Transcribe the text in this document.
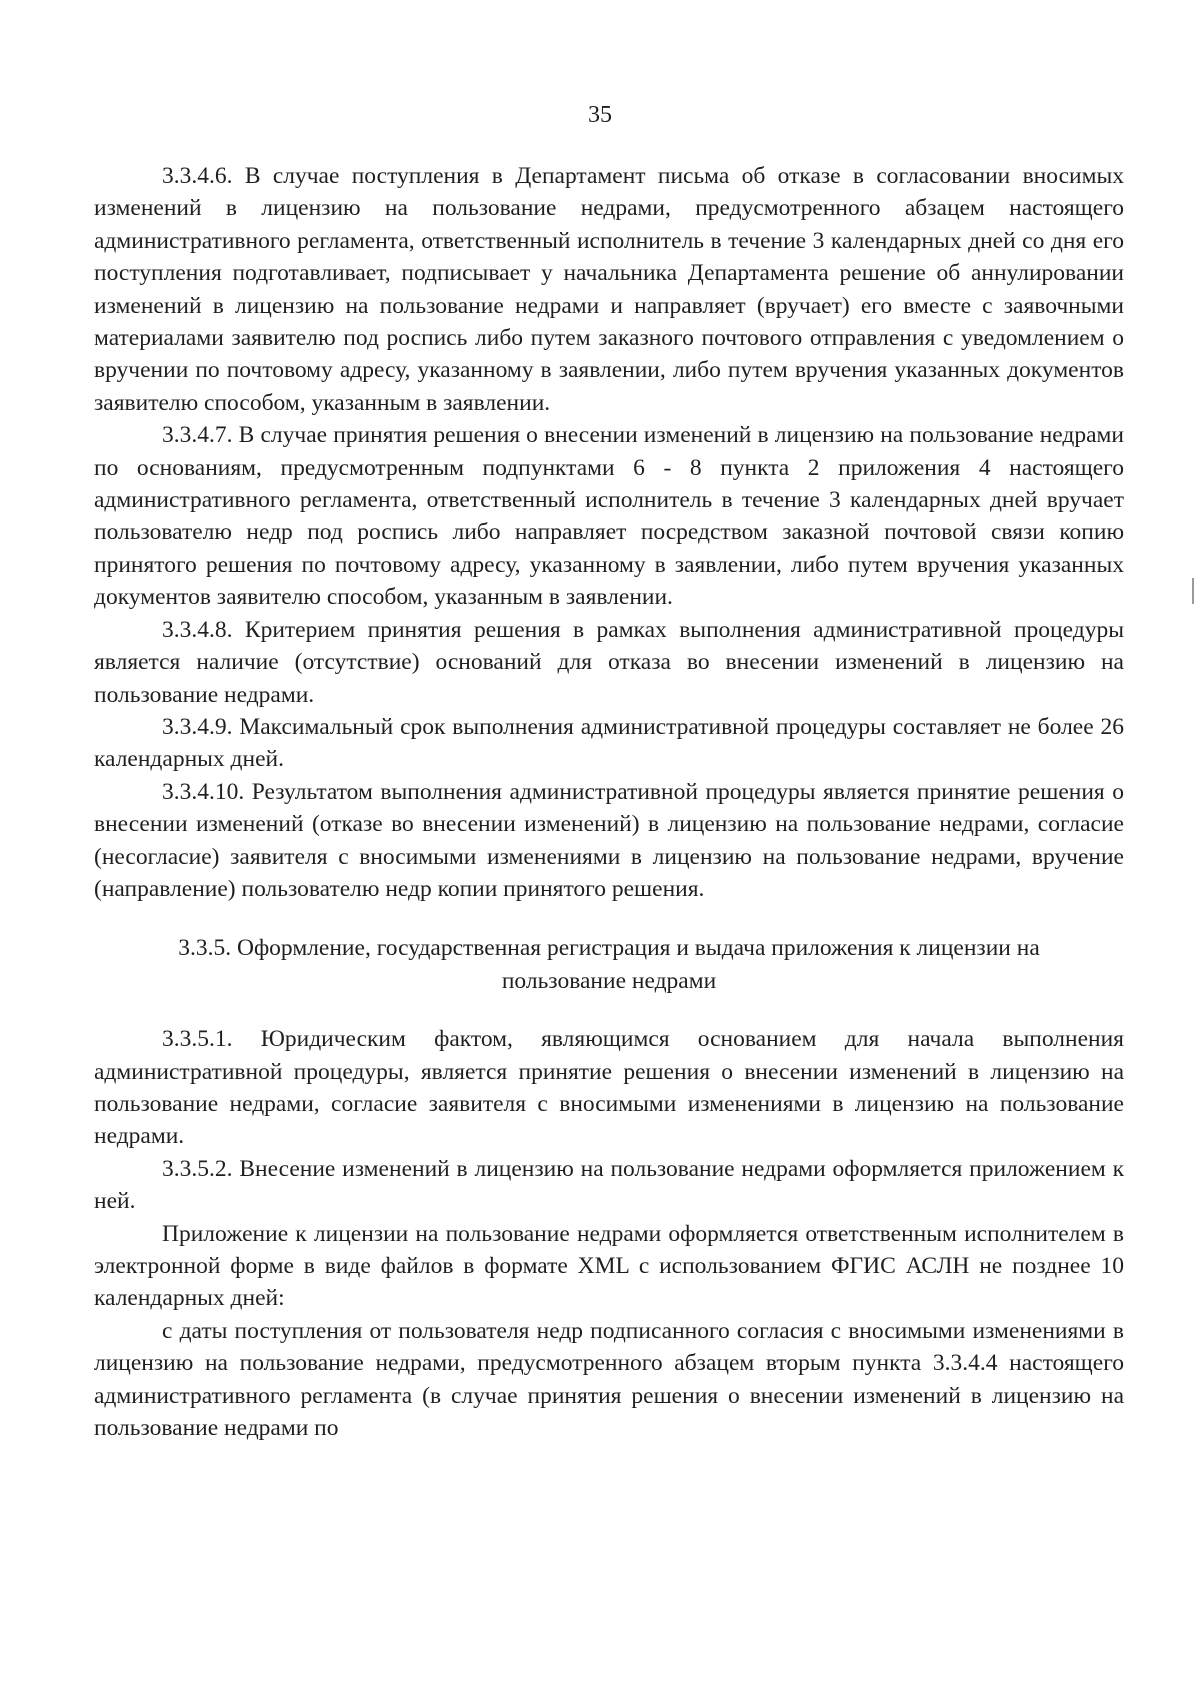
35

3.3.4.6. В случае поступления в Департамент письма об отказе в согласовании вносимых изменений в лицензию на пользование недрами, предусмотренного абзацем настоящего административного регламента, ответственный исполнитель в течение 3 календарных дней со дня его поступления подготавливает, подписывает у начальника Департамента решение об аннулировании изменений в лицензию на пользование недрами и направляет (вручает) его вместе с заявочными материалами заявителю под роспись либо путем заказного почтового отправления с уведомлением о вручении по почтовому адресу, указанному в заявлении, либо путем вручения указанных документов заявителю способом, указанным в заявлении.

3.3.4.7. В случае принятия решения о внесении изменений в лицензию на пользование недрами по основаниям, предусмотренным подпунктами 6 - 8 пункта 2 приложения 4 настоящего административного регламента, ответственный исполнитель в течение 3 календарных дней вручает пользователю недр под роспись либо направляет посредством заказной почтовой связи копию принятого решения по почтовому адресу, указанному в заявлении, либо путем вручения указанных документов заявителю способом, указанным в заявлении.

3.3.4.8. Критерием принятия решения в рамках выполнения административной процедуры является наличие (отсутствие) оснований для отказа во внесении изменений в лицензию на пользование недрами.

3.3.4.9. Максимальный срок выполнения административной процедуры составляет не более 26 календарных дней.

3.3.4.10. Результатом выполнения административной процедуры является принятие решения о внесении изменений (отказе во внесении изменений) в лицензию на пользование недрами, согласие (несогласие) заявителя с вносимыми изменениями в лицензию на пользование недрами, вручение (направление) пользователю недр копии принятого решения.

3.3.5. Оформление, государственная регистрация и выдача приложения к лицензии на пользование недрами

3.3.5.1. Юридическим фактом, являющимся основанием для начала выполнения административной процедуры, является принятие решения о внесении изменений в лицензию на пользование недрами, согласие заявителя с вносимыми изменениями в лицензию на пользование недрами.

3.3.5.2. Внесение изменений в лицензию на пользование недрами оформляется приложением к ней.

Приложение к лицензии на пользование недрами оформляется ответственным исполнителем в электронной форме в виде файлов в формате XML с использованием ФГИС АСЛН не позднее 10 календарных дней:

с даты поступления от пользователя недр подписанного согласия с вносимыми изменениями в лицензию на пользование недрами, предусмотренного абзацем вторым пункта 3.3.4.4 настоящего административного регламента (в случае принятия решения о внесении изменений в лицензию на пользование недрами по
